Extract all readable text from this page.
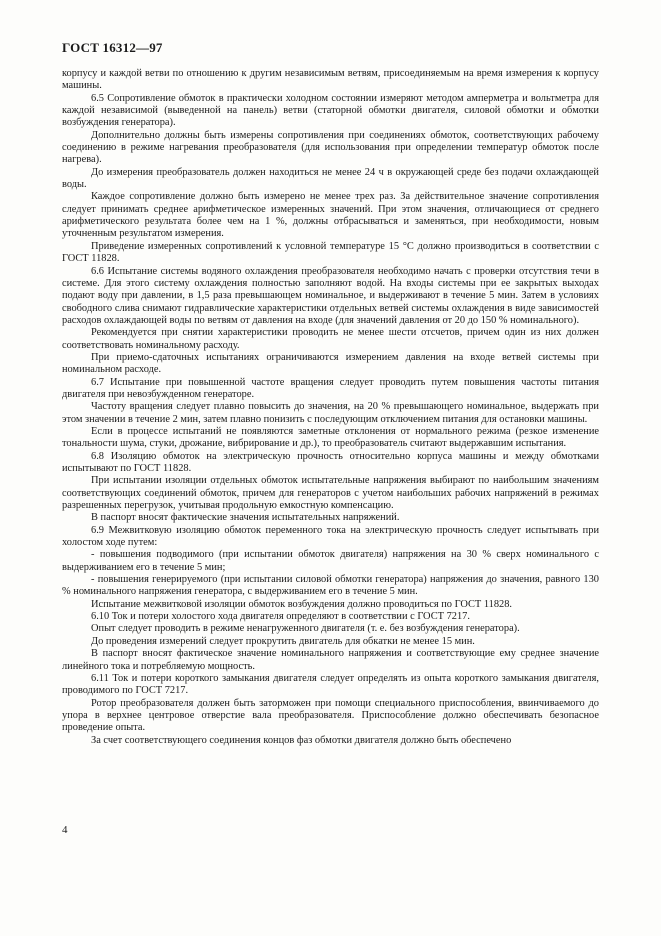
ГОСТ 16312—97

корпусу и каждой ветви по отношению к другим независимым ветвям, присоединяемым на время измерения к корпусу машины.

6.5 Сопротивление обмоток в практически холодном состоянии измеряют методом амперметра и вольтметра для каждой независимой (выведенной на панель) ветви (статорной обмотки двигателя, силовой обмотки и обмотки возбуждения генератора).

Дополнительно должны быть измерены сопротивления при соединениях обмоток, соответствующих рабочему соединению в режиме нагревания преобразователя (для использования при определении температур обмоток после нагрева).

До измерения преобразователь должен находиться не менее 24 ч в окружающей среде без подачи охлаждающей воды.

Каждое сопротивление должно быть измерено не менее трех раз. За действительное значение сопротивления следует принимать среднее арифметическое измеренных значений. При этом значения, отличающиеся от среднего арифметического результата более чем на 1 %, должны отбрасываться и заменяться, при необходимости, новым уточненным результатом измерения.

Приведение измеренных сопротивлений к условной температуре 15 °С должно производиться в соответствии с ГОСТ 11828.

6.6 Испытание системы водяного охлаждения преобразователя необходимо начать с проверки отсутствия течи в системе. Для этого систему охлаждения полностью заполняют водой. На входы системы при ее закрытых выходах подают воду при давлении, в 1,5 раза превышающем номинальное, и выдерживают в течение 5 мин. Затем в условиях свободного слива снимают гидравлические характеристики отдельных ветвей системы охлаждения в виде зависимостей расходов охлаждающей воды по ветвям от давления на входе (для значений давления от 20 до 150 % номинального).

Рекомендуется при снятии характеристики проводить не менее шести отсчетов, причем один из них должен соответствовать номинальному расходу.

При приемо-сдаточных испытаниях ограничиваются измерением давления на входе ветвей системы при номинальном расходе.

6.7 Испытание при повышенной частоте вращения следует проводить путем повышения частоты питания двигателя при невозбужденном генераторе.

Частоту вращения следует плавно повысить до значения, на 20 % превышающего номинальное, выдержать при этом значении в течение 2 мин, затем плавно понизить с последующим отключением питания для остановки машины.

Если в процессе испытаний не появляются заметные отклонения от нормального режима (резкое изменение тональности шума, стуки, дрожание, вибрирование и др.), то преобразователь считают выдержавшим испытания.

6.8 Изоляцию обмоток на электрическую прочность относительно корпуса машины и между обмотками испытывают по ГОСТ 11828.

При испытании изоляции отдельных обмоток испытательные напряжения выбирают по наибольшим значениям соответствующих соединений обмоток, причем для генераторов с учетом наибольших рабочих напряжений в режимах разрешенных перегрузок, учитывая продольную емкостную компенсацию.

В паспорт вносят фактические значения испытательных напряжений.

6.9 Межвитковую изоляцию обмоток переменного тока на электрическую прочность следует испытывать при холостом ходе путем:

- повышения подводимого (при испытании обмоток двигателя) напряжения на 30 % сверх номинального с выдерживанием его в течение 5 мин;

- повышения генерируемого (при испытании силовой обмотки генератора) напряжения до значения, равного 130 % номинального напряжения генератора, с выдерживанием его в течение 5 мин.

Испытание межвитковой изоляции обмоток возбуждения должно проводиться по ГОСТ 11828.

6.10 Ток и потери холостого хода двигателя определяют в соответствии с ГОСТ 7217.

Опыт следует проводить в режиме ненагруженного двигателя (т. е. без возбуждения генератора).

До проведения измерений следует прокрутить двигатель для обкатки не менее 15 мин.

В паспорт вносят фактическое значение номинального напряжения и соответствующие ему среднее значение линейного тока и потребляемую мощность.

6.11 Ток и потери короткого замыкания двигателя следует определять из опыта короткого замыкания двигателя, проводимого по ГОСТ 7217.

Ротор преобразователя должен быть заторможен при помощи специального приспособления, ввинчиваемого до упора в верхнее центровое отверстие вала преобразователя. Приспособление должно обеспечивать безопасное проведение опыта.

За счет соответствующего соединения концов фаз обмотки двигателя должно быть обеспечено

4
